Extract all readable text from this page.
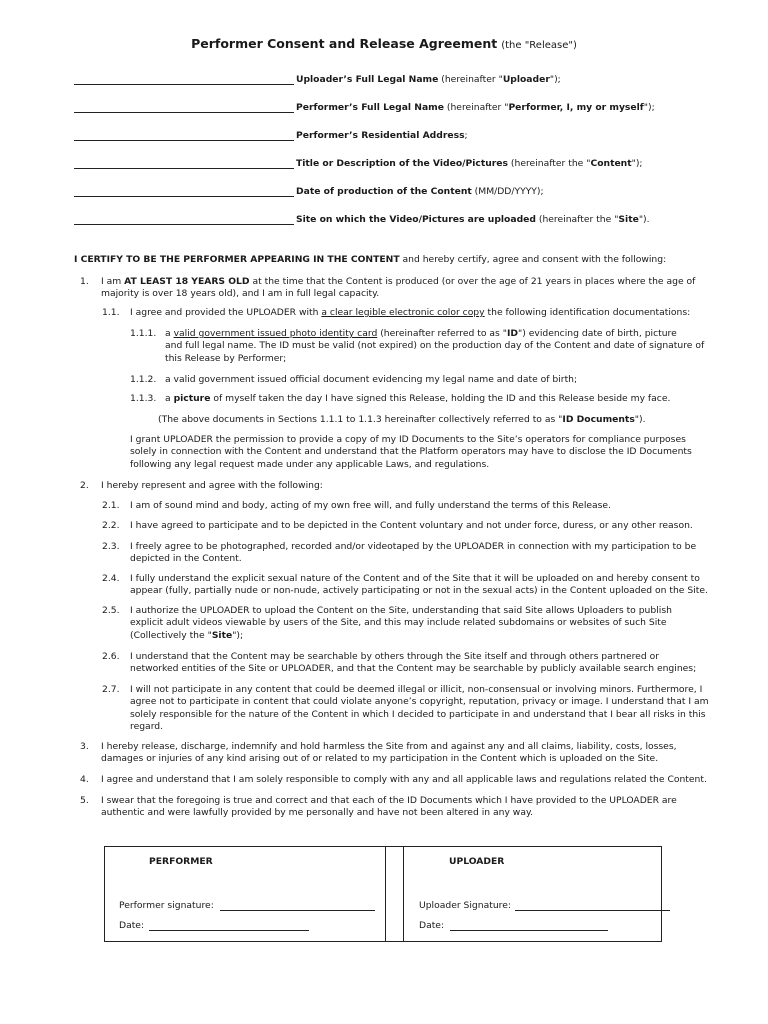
Performer Consent and Release Agreement (the "Release")
Uploader’s Full Legal Name (hereinafter "Uploader");
Performer’s Full Legal Name (hereinafter "Performer, I, my or myself");
Performer’s Residential Address;
Title or Description of the Video/Pictures (hereinafter the "Content");
Date of production of the Content (MM/DD/YYYY);
Site on which the Video/Pictures are uploaded (hereinafter the "Site").
I CERTIFY TO BE THE PERFORMER APPEARING IN THE CONTENT and hereby certify, agree and consent with the following:
1. I am AT LEAST 18 YEARS OLD at the time that the Content is produced (or over the age of 21 years in places where the age of
majority is over 18 years old), and I am in full legal capacity.
1.1. I agree and provided the UPLOADER with a clear legible electronic color copy the following identification documentations:
1.1.1. a valid government issued photo identity card (hereinafter referred to as "ID") evidencing date of birth, picture
and full legal name. The ID must be valid (not expired) on the production day of the Content and date of signature of
this Release by Performer;
1.1.2. a valid government issued official document evidencing my legal name and date of birth;
1.1.3. a picture of myself taken the day I have signed this Release, holding the ID and this Release beside my face.
(The above documents in Sections 1.1.1 to 1.1.3 hereinafter collectively referred to as "ID Documents").
I grant UPLOADER the permission to provide a copy of my ID Documents to the Site’s operators for compliance purposes
solely in connection with the Content and understand that the Platform operators may have to disclose the ID Documents
following any legal request made under any applicable Laws, and regulations.
2. I hereby represent and agree with the following:
2.1. I am of sound mind and body, acting of my own free will, and fully understand the terms of this Release.
2.2. I have agreed to participate and to be depicted in the Content voluntary and not under force, duress, or any other reason.
2.3. I freely agree to be photographed, recorded and/or videotaped by the UPLOADER in connection with my participation to be
depicted in the Content.
2.4. I fully understand the explicit sexual nature of the Content and of the Site that it will be uploaded on and hereby consent to
appear (fully, partially nude or non-nude, actively participating or not in the sexual acts) in the Content uploaded on the Site.
2.5. I authorize the UPLOADER to upload the Content on the Site, understanding that said Site allows Uploaders to publish
explicit adult videos viewable by users of the Site, and this may include related subdomains or websites of such Site
(Collectively the "Site");
2.6. I understand that the Content may be searchable by others through the Site itself and through others partnered or
networked entities of the Site or UPLOADER, and that the Content may be searchable by publicly available search engines;
2.7. I will not participate in any content that could be deemed illegal or illicit, non-consensual or involving minors. Furthermore, I
agree not to participate in content that could violate anyone’s copyright, reputation, privacy or image. I understand that I am
solely responsible for the nature of the Content in which I decided to participate in and understand that I bear all risks in this
regard.
3. I hereby release, discharge, indemnify and hold harmless the Site from and against any and all claims, liability, costs, losses,
damages or injuries of any kind arising out of or related to my participation in the Content which is uploaded on the Site.
4. I agree and understand that I am solely responsible to comply with any and all applicable laws and regulations related the Content.
5. I swear that the foregoing is true and correct and that each of the ID Documents which I have provided to the UPLOADER are
authentic and were lawfully provided by me personally and have not been altered in any way.
PERFORMER
Performer signature:
Date:
UPLOADER
Uploader Signature:
Date:
